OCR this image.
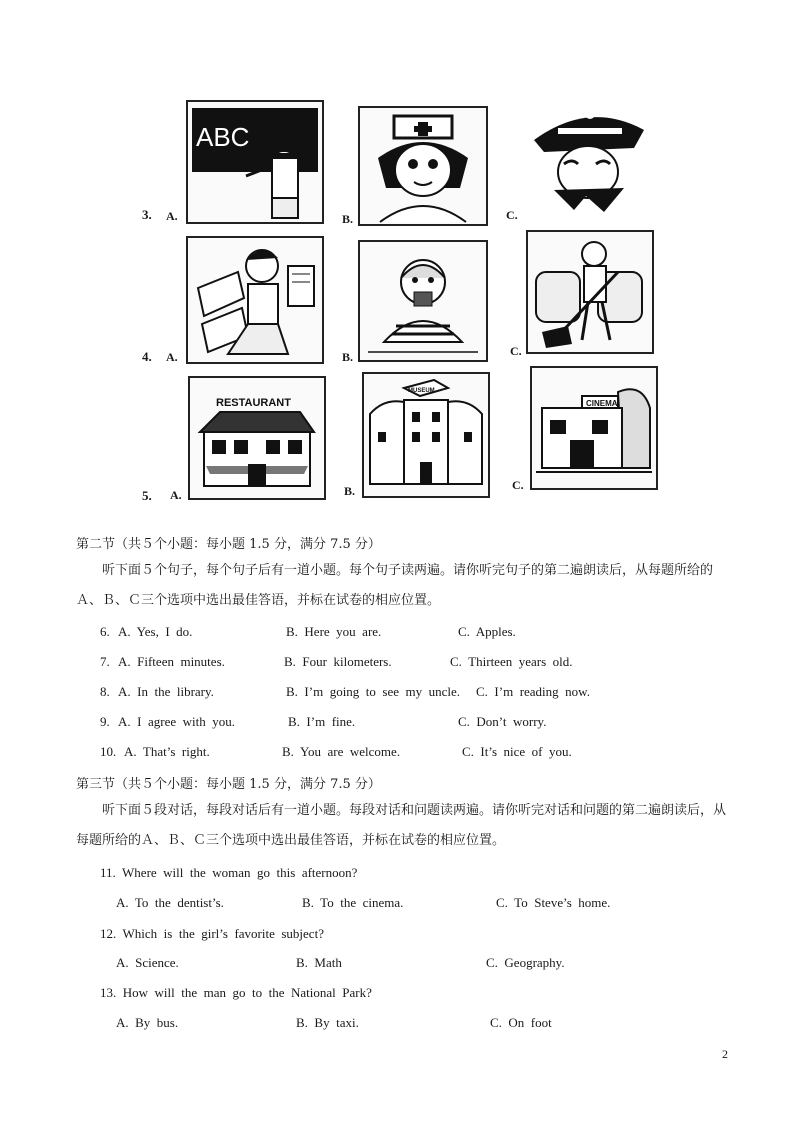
3. A.
ABC
B.	C.
4. A.	B.	C.
5. A.
RESTAURANT
B.
MUSEUM
C.
CINEMA
第二节（共５个小题：每小题 1.5 分，满分 7.5 分）
听下面５个句子，每个句子后有一道小题。每个句子读两遍。请你听完句子的第二遍朗读后，从每题所给的Ａ、Ｂ、Ｃ三个选项中选出最佳答语，并标在试卷的相应位置。
6. A.  Yes,  I  do.	B.  Here  you  are.	C.  Apples.
7. A.  Fifteen  minutes.	B.  Four  kilometers.	C.  Thirteen  years  old.
8. A.  In  the  library.	B.  I’m  going  to  see  my  uncle. C.  I’m  reading  now.
9. A.  I  agree  with  you.	B.  I’m  fine.	C.  Don’t  worry.
10. A.  That’s  right.	B.  You  are  welcome.	C.  It’s  nice  of  you.
第三节（共５个小题：每小题 1.5 分，满分 7.5 分）
听下面５段对话，每段对话后有一道小题。每段对话和问题读两遍。请你听完对话和问题的第二遍朗读后，从每题所给的Ａ、Ｂ、Ｃ三个选项中选出最佳答语，并标在试卷的相应位置。
11.  Where  will  the  woman  go  this  afternoon?
A.  To  the  dentist’s.	B.  To  the  cinema.	C.  To  Steve’s  home.
12.  Which  is  the  girl’s  favorite  subject?
A.  Science.	B.  Math	C.  Geography.
13.  How  will  the  man  go  to  the  National  Park?
A.  By  bus.	B.  By  taxi.	C.  On  foot
2
